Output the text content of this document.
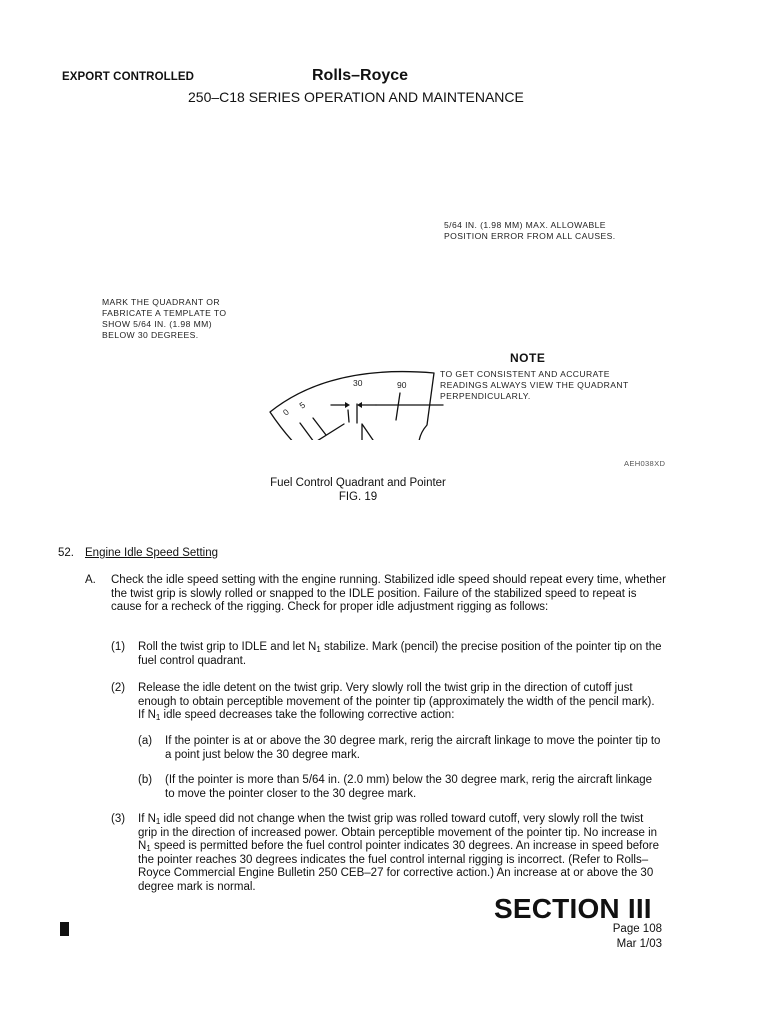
EXPORT CONTROLLED	Rolls–Royce
250–C18 SERIES OPERATION AND MAINTENANCE
0
5
30	90
5/64 IN. (1.98 MM) MAX. ALLOWABLE POSITION ERROR FROM ALL CAUSES.
MARK THE QUADRANT OR FABRICATE A TEMPLATE TO SHOW 5/64 IN. (1.98 MM) BELOW 30 DEGREES.
NOTE
TO GET CONSISTENT AND ACCURATE READINGS ALWAYS VIEW THE QUADRANT PERPENDICULARLY.
AEH038XD
Fuel Control Quadrant and Pointer
FIG. 19
52. Engine Idle Speed Setting
A.	Check the idle speed setting with the engine running. Stabilized idle speed should repeat every time, whether the twist grip is slowly rolled or snapped to the IDLE position. Failure of the stabilized speed to repeat is cause for a recheck of the rigging. Check for proper idle adjustment rigging as follows:
(1)	Roll the twist grip to IDLE and let $N_1$ stabilize. Mark (pencil) the precise position of the pointer tip on the fuel control quadrant.
(2)	Release the idle detent on the twist grip. Very slowly roll the twist grip in the direction of cutoff just enough to obtain perceptible movement of the pointer tip (approximately the width of the pencil mark). If $N_1$ idle speed decreases take the following corrective action:
(a)	If the pointer is at or above the 30 degree mark, rerig the aircraft linkage to move the pointer tip to a point just below the 30 degree mark.
(b)	(If the pointer is more than 5/64 in. (2.0 mm) below the 30 degree mark, rerig the aircraft linkage to move the pointer closer to the 30 degree mark.
(3)	If $N_1$ idle speed did not change when the twist grip was rolled toward cutoff, very slowly roll the twist grip in the direction of increased power. Obtain perceptible movement of the pointer tip. No increase in $N_1$ speed is permitted before the fuel control pointer indicates 30 degrees. An increase in speed before the pointer reaches 30 degrees indicates the fuel control internal rigging is incorrect. (Refer to Rolls–Royce Commercial Engine Bulletin 250 CEB–27 for corrective action.) An increase at or above the 30 degree mark is normal.
SECTION III
Page 108
Mar 1/03
